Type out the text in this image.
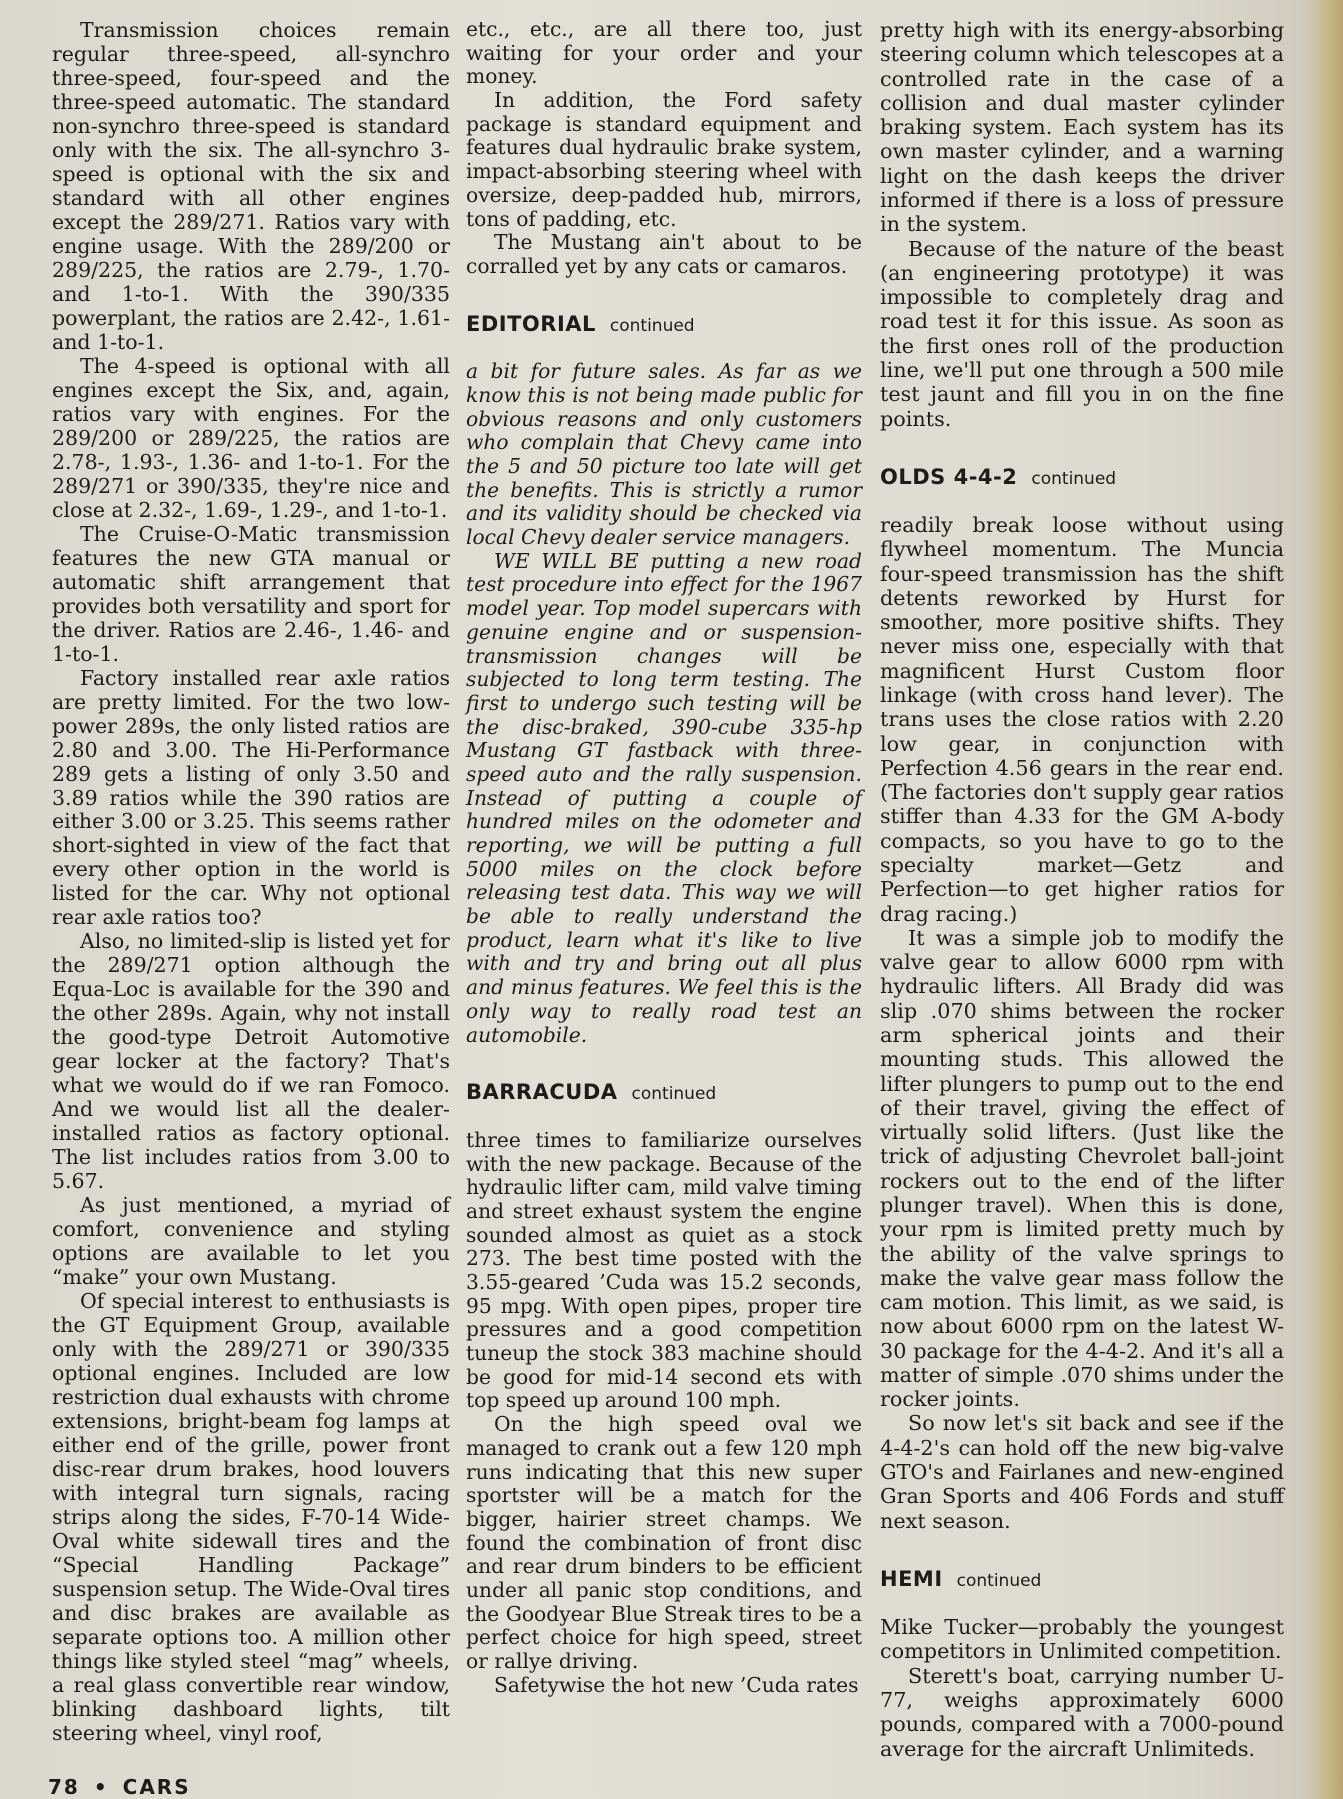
Transmission choices remain regular three-speed, all-synchro three-speed, four-speed and the three-speed automatic. The standard non-synchro three-speed is standard only with the six. The all-synchro 3-speed is optional with the six and standard with all other engines except the 289/271. Ratios vary with engine usage. With the 289/200 or 289/225, the ratios are 2.79-, 1.70- and 1-to-1. With the 390/335 powerplant, the ratios are 2.42-, 1.61- and 1-to-1.

The 4-speed is optional with all engines except the Six, and, again, ratios vary with engines. For the 289/200 or 289/225, the ratios are 2.78-, 1.93-, 1.36- and 1-to-1. For the 289/271 or 390/335, they're nice and close at 2.32-, 1.69-, 1.29-, and 1-to-1.

The Cruise-O-Matic transmission features the new GTA manual or automatic shift arrangement that provides both versatility and sport for the driver. Ratios are 2.46-, 1.46- and 1-to-1.

Factory installed rear axle ratios are pretty limited. For the two low-power 289s, the only listed ratios are 2.80 and 3.00. The Hi-Performance 289 gets a listing of only 3.50 and 3.89 ratios while the 390 ratios are either 3.00 or 3.25. This seems rather short-sighted in view of the fact that every other option in the world is listed for the car. Why not optional rear axle ratios too?

Also, no limited-slip is listed yet for the 289/271 option although the Equa-Loc is available for the 390 and the other 289s. Again, why not install the good-type Detroit Automotive gear locker at the factory? That's what we would do if we ran Fomoco. And we would list all the dealer-installed ratios as factory optional. The list includes ratios from 3.00 to 5.67.

As just mentioned, a myriad of comfort, convenience and styling options are available to let you “make” your own Mustang.

Of special interest to enthusiasts is the GT Equipment Group, available only with the 289/271 or 390/335 optional engines. Included are low restriction dual exhausts with chrome extensions, bright-beam fog lamps at either end of the grille, power front disc-rear drum brakes, hood louvers with integral turn signals, racing strips along the sides, F-70-14 Wide-Oval white sidewall tires and the “Special Handling Package” suspension setup. The Wide-Oval tires and disc brakes are available as separate options too. A million other things like styled steel “mag” wheels, a real glass convertible rear window, blinking dashboard lights, tilt steering wheel, vinyl roof,

etc., etc., are all there too, just waiting for your order and your money.

In addition, the Ford safety package is standard equipment and features dual hydraulic brake system, impact-absorbing steering wheel with oversize, deep-padded hub, mirrors, tons of padding, etc.

The Mustang ain't about to be corralled yet by any cats or camaros.

EDITORIAL continued

a bit for future sales. As far as we know this is not being made public for obvious reasons and only customers who complain that Chevy came into the 5 and 50 picture too late will get the benefits. This is strictly a rumor and its validity should be checked via local Chevy dealer service managers.

WE WILL BE putting a new road test procedure into effect for the 1967 model year. Top model supercars with genuine engine and or suspension-transmission changes will be subjected to long term testing. The first to undergo such testing will be the disc-braked, 390-cube 335-hp Mustang GT fastback with three-speed auto and the rally suspension. Instead of putting a couple of hundred miles on the odometer and reporting, we will be putting a full 5000 miles on the clock before releasing test data. This way we will be able to really understand the product, learn what it's like to live with and try and bring out all plus and minus features. We feel this is the only way to really road test an automobile.

BARRACUDA continued

three times to familiarize ourselves with the new package. Because of the hydraulic lifter cam, mild valve timing and street exhaust system the engine sounded almost as quiet as a stock 273. The best time posted with the 3.55-geared ’Cuda was 15.2 seconds, 95 mpg. With open pipes, proper tire pressures and a good competition tuneup the stock 383 machine should be good for mid-14 second ets with top speed up around 100 mph.

On the high speed oval we managed to crank out a few 120 mph runs indicating that this new super sportster will be a match for the bigger, hairier street champs. We found the combination of front disc and rear drum binders to be efficient under all panic stop conditions, and the Goodyear Blue Streak tires to be a perfect choice for high speed, street or rallye driving.

Safetywise the hot new ’Cuda rates

pretty high with its energy-absorbing steering column which telescopes at a controlled rate in the case of a collision and dual master cylinder braking system. Each system has its own master cylinder, and a warning light on the dash keeps the driver informed if there is a loss of pressure in the system.

Because of the nature of the beast (an engineering prototype) it was impossible to completely drag and road test it for this issue. As soon as the first ones roll of the production line, we'll put one through a 500 mile test jaunt and fill you in on the fine points.

OLDS 4-4-2 continued

readily break loose without using flywheel momentum. The Muncia four-speed transmission has the shift detents reworked by Hurst for smoother, more positive shifts. They never miss one, especially with that magnificent Hurst Custom floor linkage (with cross hand lever). The trans uses the close ratios with 2.20 low gear, in conjunction with Perfection 4.56 gears in the rear end. (The factories don't supply gear ratios stiffer than 4.33 for the GM A-body compacts, so you have to go to the specialty market—Getz and Perfection—to get higher ratios for drag racing.)

It was a simple job to modify the valve gear to allow 6000 rpm with hydraulic lifters. All Brady did was slip .070 shims between the rocker arm spherical joints and their mounting studs. This allowed the lifter plungers to pump out to the end of their travel, giving the effect of virtually solid lifters. (Just like the trick of adjusting Chevrolet ball-joint rockers out to the end of the lifter plunger travel). When this is done, your rpm is limited pretty much by the ability of the valve springs to make the valve gear mass follow the cam motion. This limit, as we said, is now about 6000 rpm on the latest W-30 package for the 4-4-2. And it's all a matter of simple .070 shims under the rocker joints.

So now let's sit back and see if the 4-4-2's can hold off the new big-valve GTO's and Fairlanes and new-engined Gran Sports and 406 Fords and stuff next season.

HEMI continued

Mike Tucker—probably the youngest competitors in Unlimited competition.

Sterett's boat, carrying number U-77, weighs approximately 6000 pounds, compared with a 7000-pound average for the aircraft Unlimiteds.

78 • CARS
